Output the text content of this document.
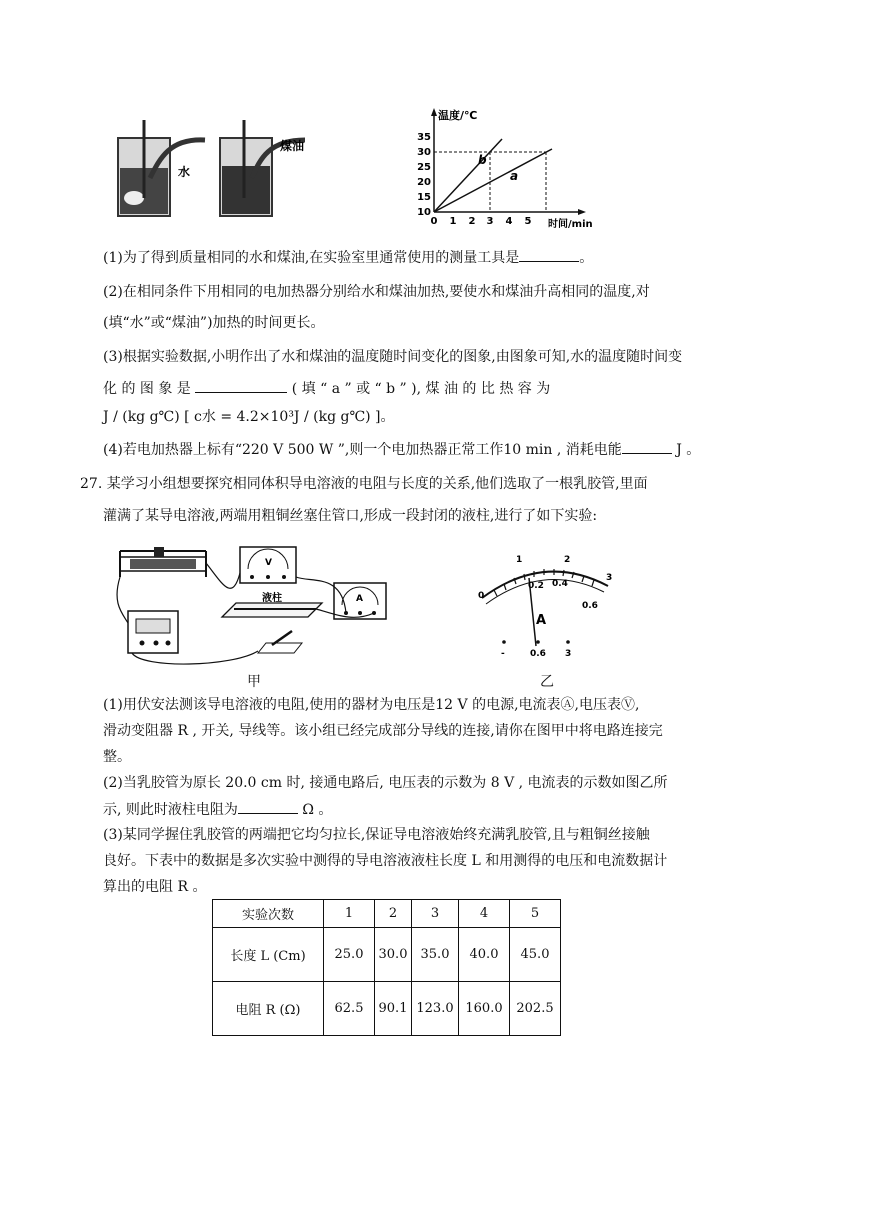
水
煤油
温度/℃
时间/min
35
30
25
20
15
10
0 1 2 3 4 5
b
a
(1)为了得到质量相同的水和煤油,在实验室里通常使用的测量工具是	。
(2)在相同条件下用相同的电加热器分别给水和煤油加热,要使水和煤油升高相同的温度,对
(填“水”或“煤油”)加热的时间更长。
(3)根据实验数据,小明作出了水和煤油的温度随时间变化的图象,由图象可知,水的温度随时间变
化 的 图 象 是	( 填 “ a ” 或 “ b ” ), 煤 油 的 比 热 容 为
J / (kg g℃) [ c水 = 4.2×10³J / (kg g℃) ]。
(4)若电加热器上标有“220 V 500 W ”,则一个电加热器正常工作10 min , 消耗电能	J 。
27. 某学习小组想要探究相同体积导电溶液的电阻与长度的关系,他们选取了一根乳胶管,里面
灌满了某导电溶液,两端用粗铜丝塞住管口,形成一段封闭的液柱,进行了如下实验:
V
液柱	A
甲
1	2
3
0
0.2 0.4
0.6
A
-	0.6 3
乙
(1)用伏安法测该导电溶液的电阻,使用的器材为电压是12 V 的电源,电流表Ⓐ,电压表Ⓥ,
滑动变阻器 R , 开关, 导线等。该小组已经完成部分导线的连接,请你在图甲中将电路连接完
整。
(2)当乳胶管为原长 20.0 cm 时, 接通电路后, 电压表的示数为 8 V , 电流表的示数如图乙所
示, 则此时液柱电阻为	Ω 。
(3)某同学握住乳胶管的两端把它均匀拉长,保证导电溶液始终充满乳胶管,且与粗铜丝接触
良好。下表中的数据是多次实验中测得的导电溶液液柱长度 L 和用测得的电压和电流数据计
算出的电阻 R 。
实验次数	1	2	3	4	5
长度 L (Cm)	25.0	30.0	35.0	40.0	45.0
电阻 R (Ω)	62.5	90.1	123.0	160.0	202.5
